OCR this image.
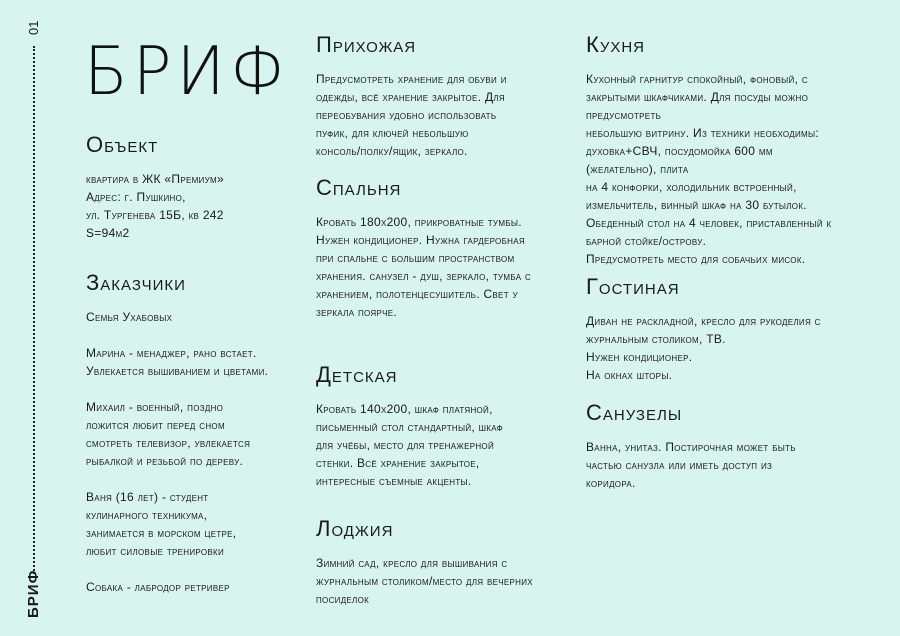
01
БРИФ
БРИФ
Объект

квартира в ЖК «Премиум»

Адрес: г. Пушкино,

ул. Тургенева 15Б, кв 242

S=94м2

Заказчики

Семья Ухабовых

Марина - менаджер, рано встает.

Увлекается вышиванием и цветами.

Михаил - военный, поздно

ложится любит перед сном

смотреть телевизор, увлекается

рыбалкой и резьбой по дереву.

Ваня (16 лет) - студент

кулинарного техникума,

занимается в морском цетре,

любит силовые тренировки

Собака - лабродор ретривер

Прихожая

Предусмотреть хранение для обуви и

одежды, всё хранение закрытое. Для

переобувания удобно использовать

пуфик, для ключей небольшую

консоль/полку/ящик, зеркало.

Спальня

Кровать 180х200, прикроватные тумбы.

Нужен кондиционер. Нужна гардеробная

при спальне с большим пространством

хранения. санузел - душ, зеркало, тумба с

хранением, полотенцесушитель. Свет у

зеркала поярче.

Детская

Кровать 140х200, шкаф платяной,

письменный стол стандартный, шкаф

для учёбы, место для тренажерной

стенки. Всё хранение закрытое,

интересные съемные акценты.

Лоджия

Зимний сад, кресло для вышивания с

журнальным столиком/место для вечерних

посиделок

Кухня

Кухонный гарнитур спокойный, фоновый, с

закрытыми шкафчиками. Для посуды можно

предусмотреть

небольшую витрину. Из техники необходимы:

духовка+СВЧ, посудомойка 600 мм

(желательно), плита

на 4 конфорки, холодильник встроенный,

измельчитель, винный шкаф на 30 бутылок.

Обеденный стол на 4 человек, приставленный к

барной стойке/острову.

Предусмотреть место для собачьих мисок.

Гостиная

Диван не раскладной, кресло для рукоделия с

журнальным столиком, ТВ.

Нужен кондиционер.

На окнах шторы.

Санузелы

Ванна, унитаз. Постирочная может быть

частью санузла или иметь доступ из

коридора.
